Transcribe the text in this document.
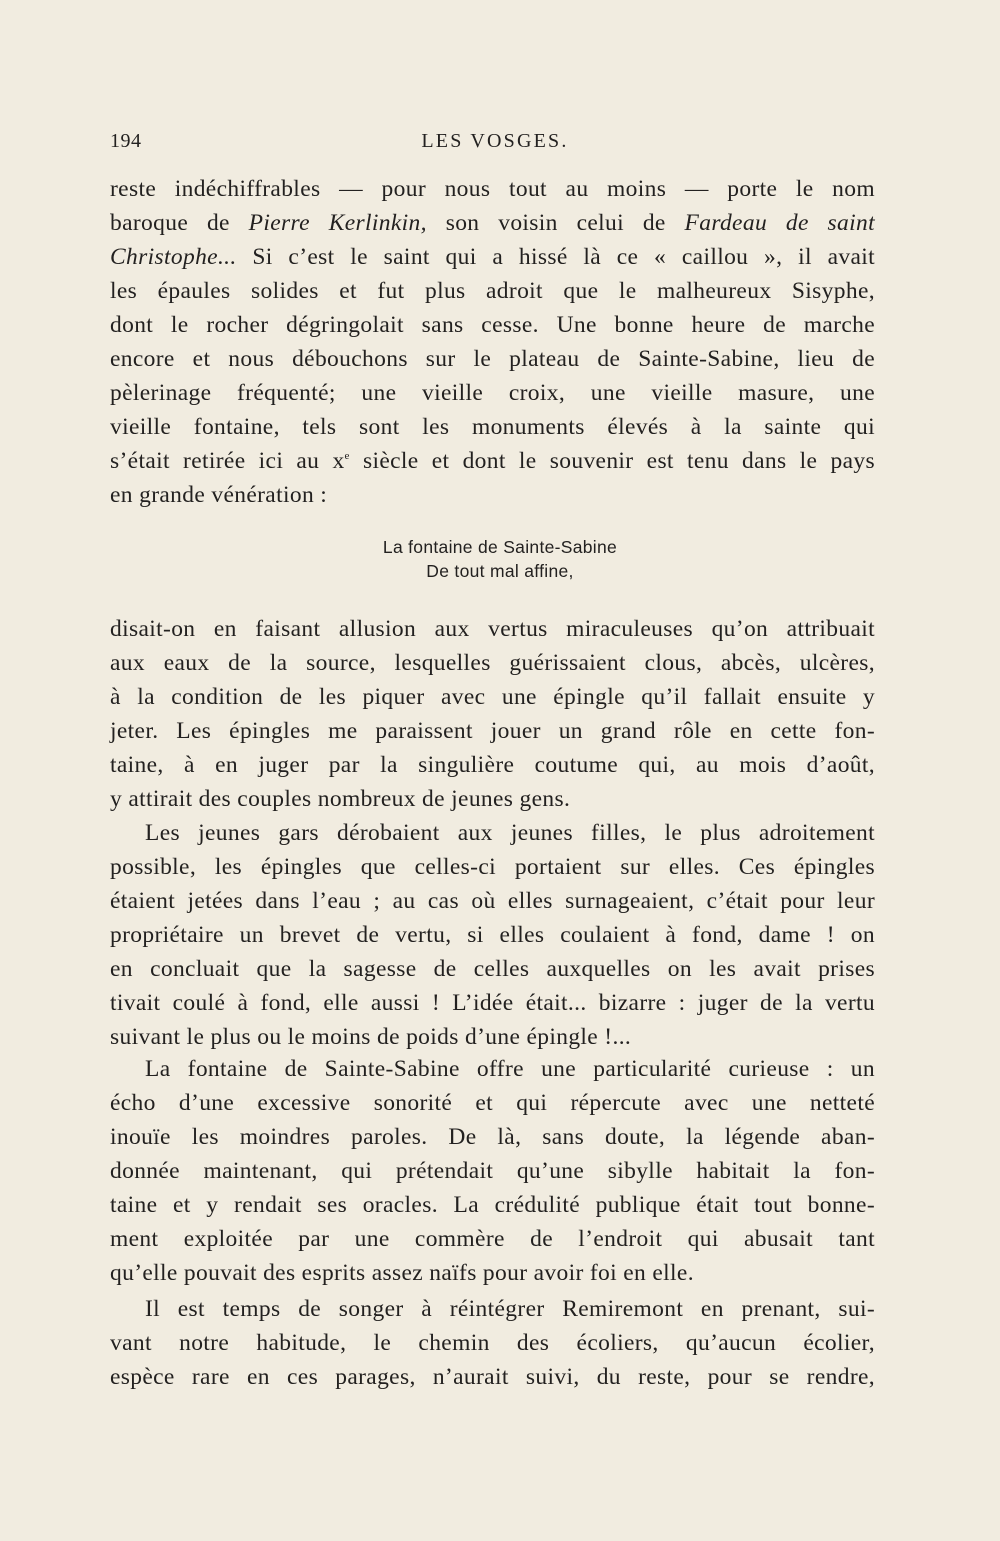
194	LES VOSGES.
reste indéchiffrables — pour nous tout au moins — porte le nom
baroque de Pierre Kerlinkin, son voisin celui de Fardeau de saint
Christophe... Si c’est le saint qui a hissé là ce « caillou », il avait
les épaules solides et fut plus adroit que le malheureux Sisyphe,
dont le rocher dégringolait sans cesse. Une bonne heure de marche
encore et nous débouchons sur le plateau de Sainte-Sabine, lieu de
pèlerinage fréquenté; une vieille croix, une vieille masure, une
vieille fontaine, tels sont les monuments élevés à la sainte qui
s’était retirée ici au $x^e$ siècle et dont le souvenir est tenu dans le pays
en grande vénération :
La fontaine de Sainte-Sabine
De tout mal affine,
disait-on en faisant allusion aux vertus miraculeuses qu’on attribuait
aux eaux de la source, lesquelles guérissaient clous, abcès, ulcères,
à la condition de les piquer avec une épingle qu’il fallait ensuite y
jeter. Les épingles me paraissent jouer un grand rôle en cette fon-
taine, à en juger par la singulière coutume qui, au mois d’août,
y attirait des couples nombreux de jeunes gens.
Les jeunes gars dérobaient aux jeunes filles, le plus adroitement
possible, les épingles que celles-ci portaient sur elles. Ces épingles
étaient jetées dans l’eau ; au cas où elles surnageaient, c’était pour leur
propriétaire un brevet de vertu, si elles coulaient à fond, dame ! on
en concluait que la sagesse de celles auxquelles on les avait prises
tivait coulé à fond, elle aussi ! L’idée était... bizarre : juger de la vertu
suivant le plus ou le moins de poids d’une épingle !...
La fontaine de Sainte-Sabine offre une particularité curieuse : un
écho d’une excessive sonorité et qui répercute avec une netteté
inouïe les moindres paroles. De là, sans doute, la légende aban-
donnée maintenant, qui prétendait qu’une sibylle habitait la fon-
taine et y rendait ses oracles. La crédulité publique était tout bonne-
ment exploitée par une commère de l’endroit qui abusait tant
qu’elle pouvait des esprits assez naïfs pour avoir foi en elle.
Il est temps de songer à réintégrer Remiremont en prenant, sui-
vant notre habitude, le chemin des écoliers, qu’aucun écolier,
espèce rare en ces parages, n’aurait suivi, du reste, pour se rendre,
